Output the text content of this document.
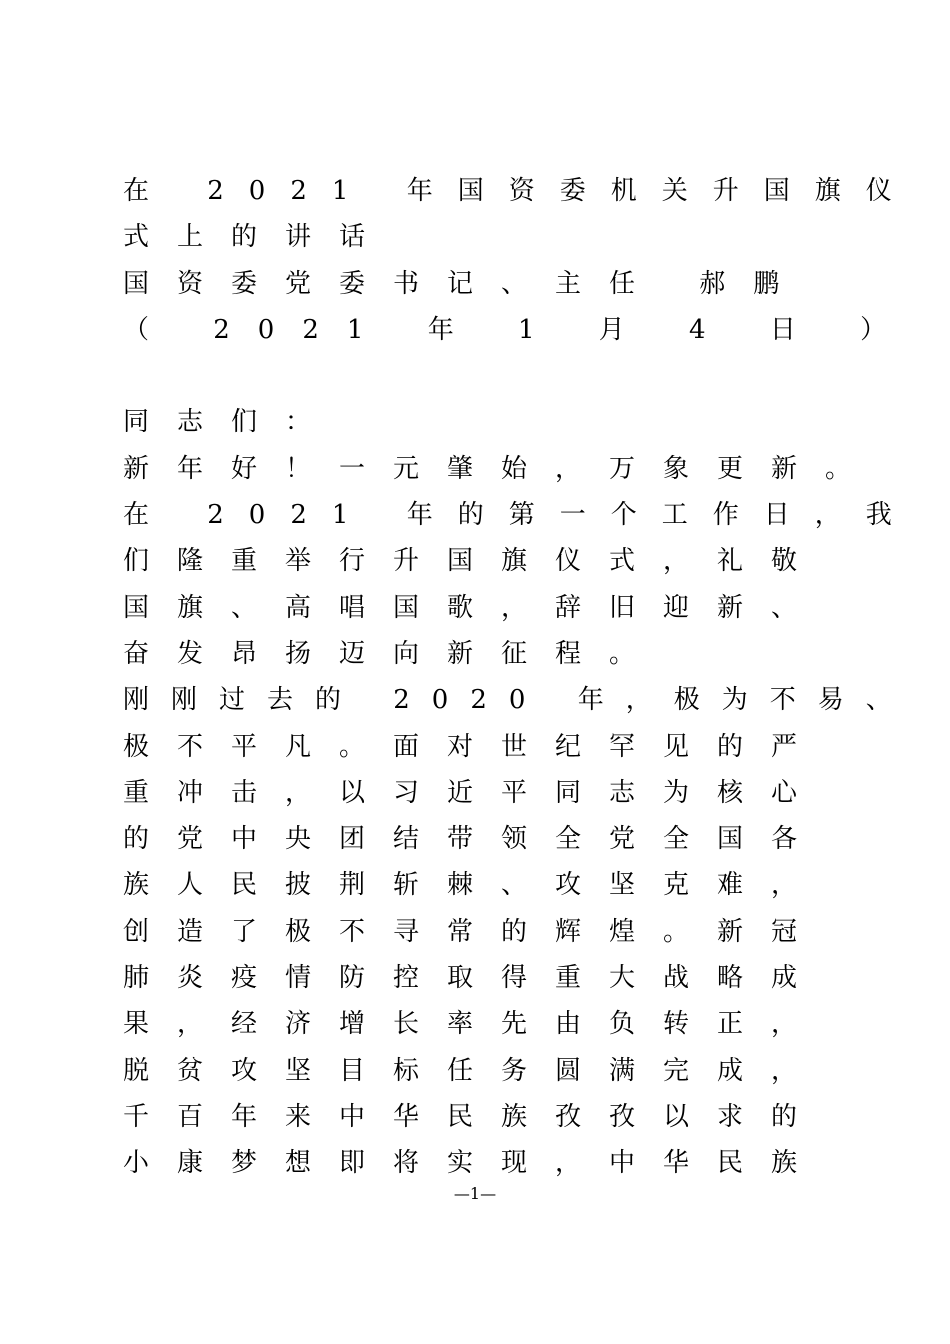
在 2021 年国资委机关升国旗仪
式上的讲话
国资委党委书记、主任 郝鹏
（ 2021 年 1 月 4 日 ）
同志们：
新年好！一元肇始，万象更新。
在 2021 年的第一个工作日，我
们隆重举行升国旗仪式，礼敬
国旗、高唱国歌，辞旧迎新、
奋发昂扬迈向新征程。
刚刚过去的 2020 年，极为不易、
极不平凡。面对世纪罕见的严
重冲击，以习近平同志为核心
的党中央团结带领全党全国各
族人民披荆斩棘、攻坚克难，
创造了极不寻常的辉煌。新冠
肺炎疫情防控取得重大战略成
果，经济增长率先由负转正，
脱贫攻坚目标任务圆满完成，
千百年来中华民族孜孜以求的
小康梦想即将实现，中华民族
—1—
